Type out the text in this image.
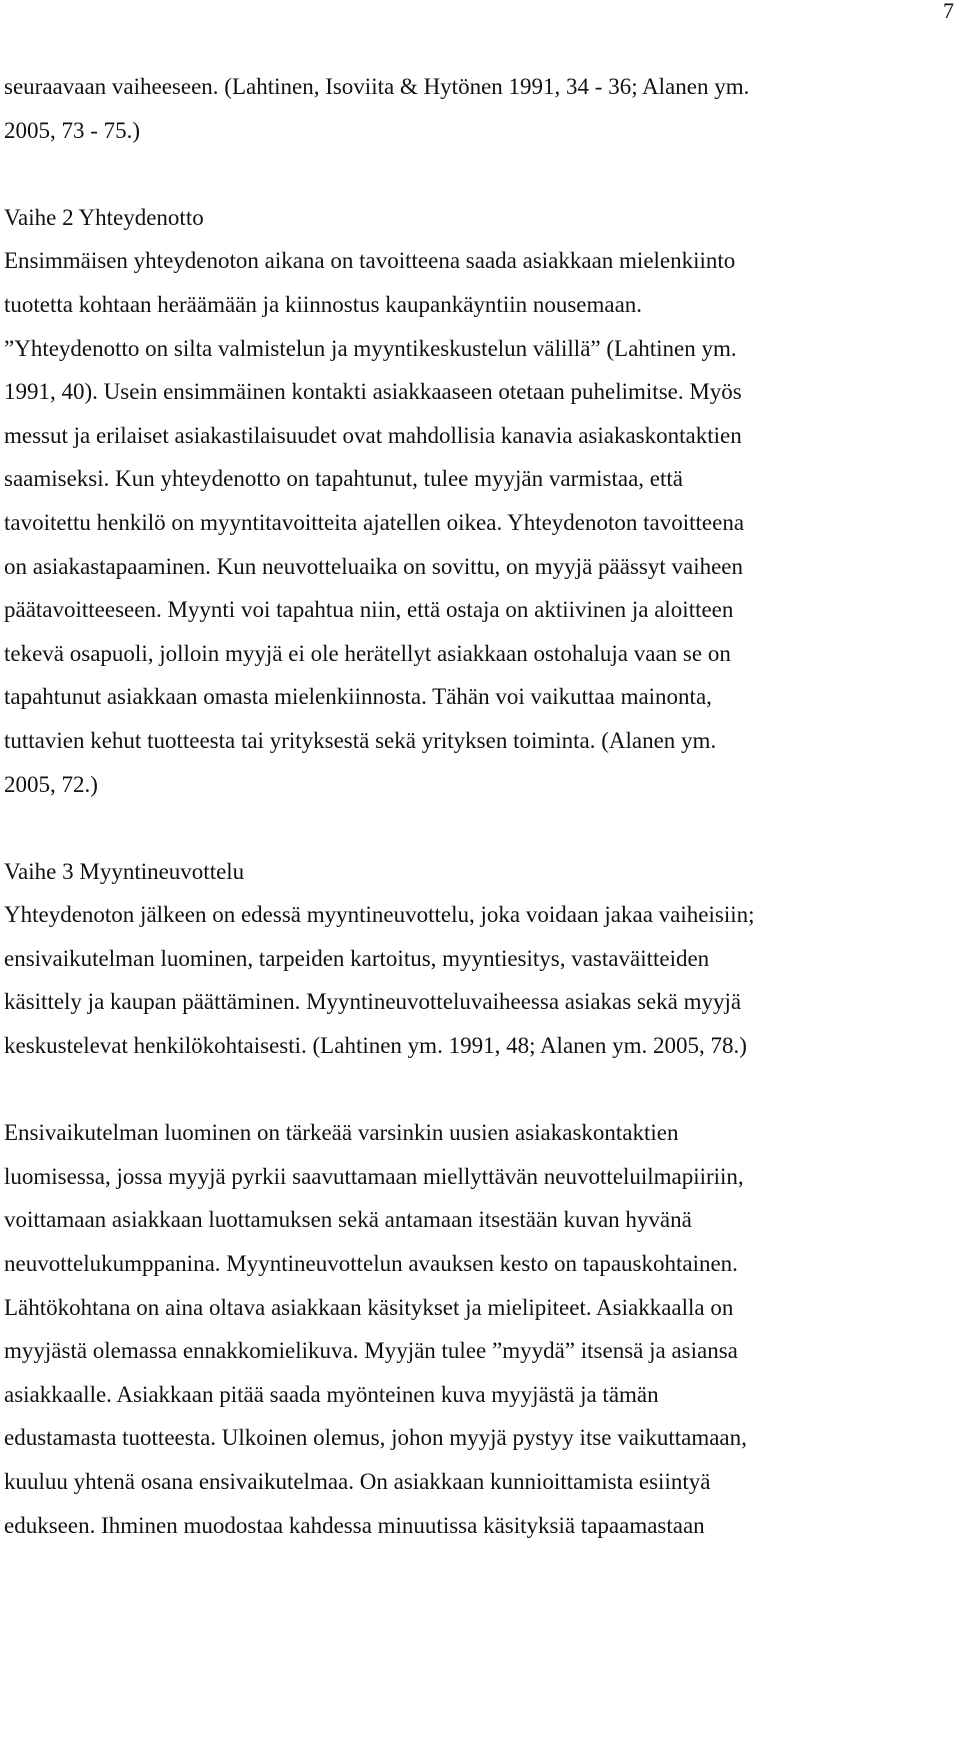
7
seuraavaan vaiheeseen. (Lahtinen, Isoviita & Hytönen 1991, 34 - 36; Alanen ym.
2005, 73 - 75.)
Vaihe 2 Yhteydenotto
Ensimmäisen yhteydenoton aikana on tavoitteena saada asiakkaan mielenkiinto
tuotetta kohtaan heräämään ja kiinnostus kaupankäyntiin nousemaan.
”Yhteydenotto on silta valmistelun ja myyntikeskustelun välillä” (Lahtinen ym.
1991, 40). Usein ensimmäinen kontakti asiakkaaseen otetaan puhelimitse. Myös
messut ja erilaiset asiakastilaisuudet ovat mahdollisia kanavia asiakaskontaktien
saamiseksi. Kun yhteydenotto on tapahtunut, tulee myyjän varmistaa, että
tavoitettu henkilö on myyntitavoitteita ajatellen oikea. Yhteydenoton tavoitteena
on asiakastapaaminen. Kun neuvotteluaika on sovittu, on myyjä päässyt vaiheen
päätavoitteeseen. Myynti voi tapahtua niin, että ostaja on aktiivinen ja aloitteen
tekevä osapuoli, jolloin myyjä ei ole herätellyt asiakkaan ostohaluja vaan se on
tapahtunut asiakkaan omasta mielenkiinnosta. Tähän voi vaikuttaa mainonta,
tuttavien kehut tuotteesta tai yrityksestä sekä yrityksen toiminta. (Alanen ym.
2005, 72.)
Vaihe 3 Myyntineuvottelu
Yhteydenoton jälkeen on edessä myyntineuvottelu, joka voidaan jakaa vaiheisiin;
ensivaikutelman luominen, tarpeiden kartoitus, myyntiesitys, vastaväitteiden
käsittely ja kaupan päättäminen. Myyntineuvotteluvaiheessa asiakas sekä myyjä
keskustelevat henkilökohtaisesti. (Lahtinen ym. 1991, 48; Alanen ym. 2005, 78.)
Ensivaikutelman luominen on tärkeää varsinkin uusien asiakaskontaktien
luomisessa, jossa myyjä pyrkii saavuttamaan miellyttävän neuvotteluilmapiiriin,
voittamaan asiakkaan luottamuksen sekä antamaan itsestään kuvan hyvänä
neuvottelukumppanina. Myyntineuvottelun avauksen kesto on tapauskohtainen.
Lähtökohtana on aina oltava asiakkaan käsitykset ja mielipiteet. Asiakkaalla on
myyjästä olemassa ennakkomielikuva. Myyjän tulee ”myydä” itsensä ja asiansa
asiakkaalle. Asiakkaan pitää saada myönteinen kuva myyjästä ja tämän
edustamasta tuotteesta. Ulkoinen olemus, johon myyjä pystyy itse vaikuttamaan,
kuuluu yhtenä osana ensivaikutelmaa. On asiakkaan kunnioittamista esiintyä
edukseen. Ihminen muodostaa kahdessa minuutissa käsityksiä tapaamastaan
